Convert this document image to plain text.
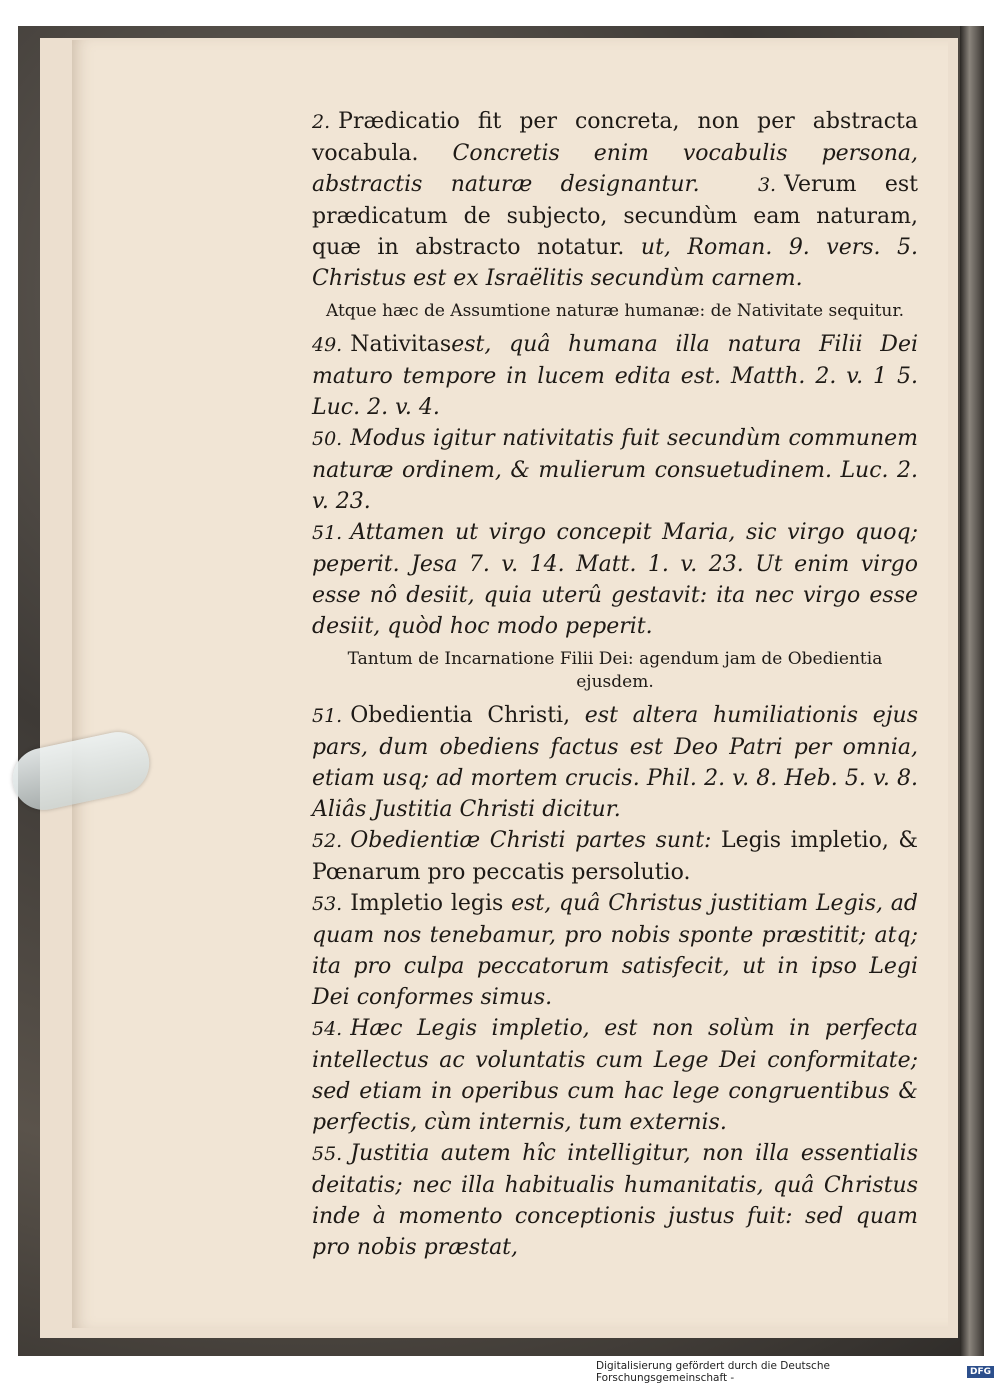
2. Prædicatio fit per concreta, non per abstracta vocabula. Concretis enim vocabulis persona, abstractis naturæ designantur.	3. Verum est prædicatum de subjecto, secundùm eam naturam, quæ in abstracto notatur. ut, Roman. 9. vers. 5. Christus est ex Israëlitis secundùm carnem.

Atque hæc de Assumtione naturæ humanæ: de Nativitate sequitur.

49. Nativitasest, quâ humana illa natura Filii Dei maturo tempore in lucem edita est. Matth. 2. v. 1 5. Luc. 2. v. 4.

50. Modus igitur nativitatis fuit secundùm communem naturæ ordinem, & mulierum consuetudinem. Luc. 2. v. 23.

51. Attamen ut virgo concepit Maria, sic virgo quoq; peperit. Jesa 7. v. 14. Matt. 1. v. 23. Ut enim virgo esse nô desiit, quia uterû gestavit: ita nec virgo esse desiit, quòd hoc modo peperit.

Tantum de Incarnatione Filii Dei: agendum jam de Obedientia ejusdem.

51. Obedientia Christi, est altera humiliationis ejus pars, dum obediens factus est Deo Patri per omnia, etiam usq; ad mortem crucis. Phil. 2. v. 8. Heb. 5. v. 8. Aliâs Justitia Christi dicitur.

52. Obedientiæ Christi partes sunt: Legis impletio, & Pœnarum pro peccatis persolutio.

53. Impletio legis est, quâ Christus justitiam Legis, ad quam nos tenebamur, pro nobis sponte præstitit; atq; ita pro culpa peccatorum satisfecit, ut in ipso Legi Dei conformes simus.

54. Hæc Legis impletio, est non solùm in perfecta intellectus ac voluntatis cum Lege Dei conformitate; sed etiam in operibus cum hac lege congruentibus & perfectis, cùm internis, tum externis.

55. Justitia autem hîc intelligitur, non illa essentialis deitatis; nec illa habitualis humanitatis, quâ Christus inde à momento conceptionis justus fuit: sed quam pro nobis præstat,

Digitalisierung gefördert durch die Deutsche Forschungsgemeinschaft -	DFG
